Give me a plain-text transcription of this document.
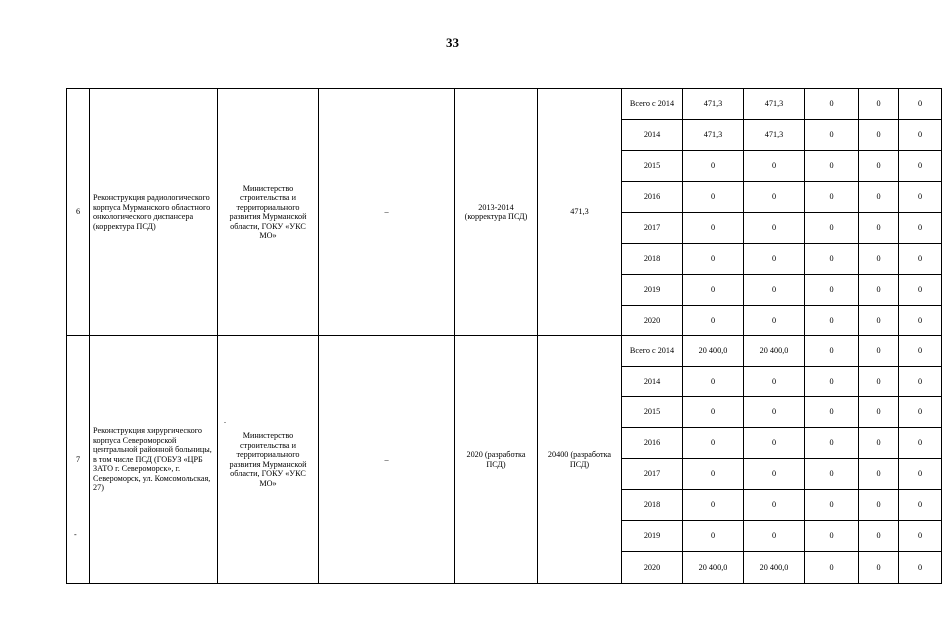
33
6	Реконструкция радиологического корпуса Мурманского областного онкологического диспансера (корректура ПСД)	Министерство строительства и территориального развития Мурманской области, ГОКУ «УКС МО»	–	2013-2014 (корректура ПСД)	471,3	Всего с 2014	471,3	471,3	0	0	0
						2014	471,3	471,3	0	0	0
						2015	0	0	0	0	0
						2016	0	0	0	0	0
						2017	0	0	0	0	0
						2018	0	0	0	0	0
						2019	0	0	0	0	0
						2020	0	0	0	0	0
7	Реконструкция хирургического корпуса Североморской центральной районной больницы, в том числе ПСД (ГОБУЗ «ЦРБ ЗАТО г. Североморск», г. Североморск, ул. Комсомольская, 27)	Министерство строительства и территориального развития Мурманской области, ГОКУ «УКС МО»	–	2020 (разработка ПСД)	20400 (разработка ПСД)	Всего с 2014	20 400,0	20 400,0	0	0	0
						2014	0	0	0	0	0
						2015	0	0	0	0	0
						2016	0	0	0	0	0
						2017	0	0	0	0	0
						2018	0	0	0	0	0
						2019	0	0	0	0	0
						2020	20 400,0	20 400,0	0	0	0
.
-
